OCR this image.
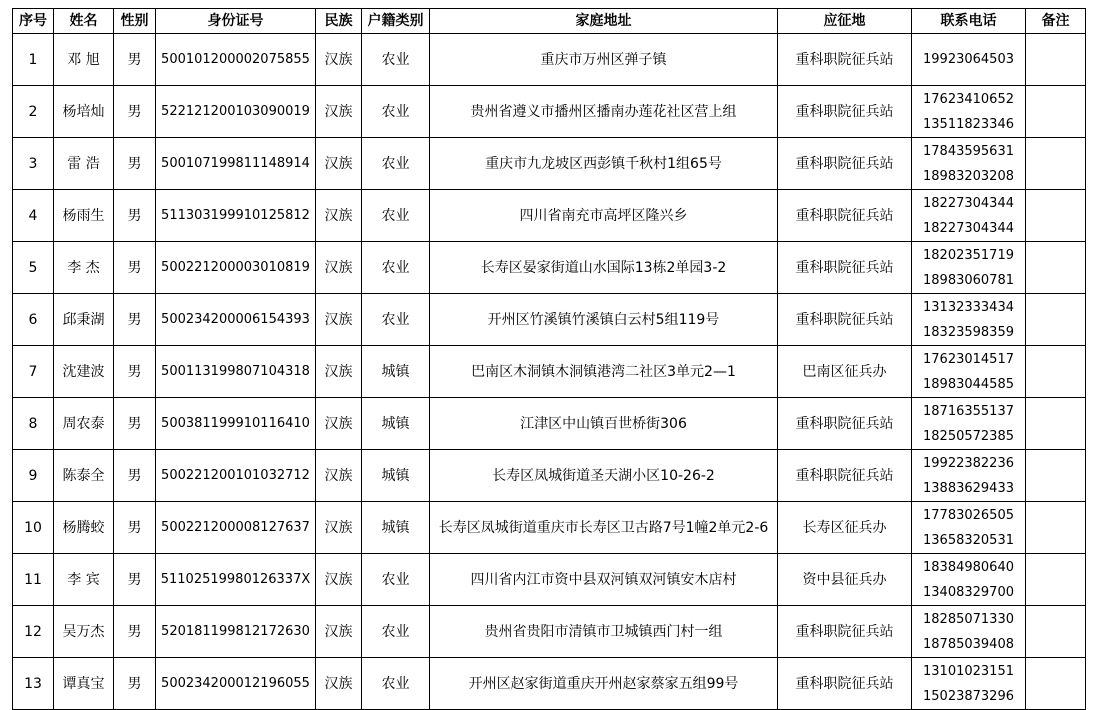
序号	姓名	性别	身份证号	民族	户籍类别	家庭地址	应征地	联系电话	备注
1	邓 旭	男	500101200002075855	汉族	农业	重庆市万州区弹子镇	重科职院征兵站	19923064503	

2	杨培灿	男	522121200103090019	汉族	农业	贵州省遵义市播州区播南办莲花社区营上组	重科职院征兵站	17623410652
13511823346	

3	雷 浩	男	500107199811148914	汉族	农业	重庆市九龙坡区西彭镇千秋村1组65号	重科职院征兵站	17843595631
18983203208	

4	杨雨生	男	511303199910125812	汉族	农业	四川省南充市高坪区隆兴乡	重科职院征兵站	18227304344
18227304344	

5	李 杰	男	500221200003010819	汉族	农业	长寿区晏家街道山水国际13栋2单园3-2	重科职院征兵站	18202351719
18983060781	

6	邱秉湖	男	500234200006154393	汉族	农业	开州区竹溪镇竹溪镇白云村5组119号	重科职院征兵站	13132333434
18323598359	

7	沈建波	男	500113199807104318	汉族	城镇	巴南区木洞镇木洞镇港湾二社区3单元2—1	巴南区征兵办	17623014517
18983044585	

8	周农泰	男	500381199910116410	汉族	城镇	江津区中山镇百世桥街306	重科职院征兵站	18716355137
18250572385	

9	陈泰全	男	500221200101032712	汉族	城镇	长寿区凤城街道圣天湖小区10-26-2	重科职院征兵站	19922382236
13883629433	

10	杨腾蛟	男	500221200008127637	汉族	城镇	长寿区凤城街道重庆市长寿区卫古路7号1幢2单元2-6	长寿区征兵办	17783026505
13658320531	

11	李 宾	男	51102519980126337X	汉族	农业	四川省内江市资中县双河镇双河镇安木店村	资中县征兵办	18384980640
13408329700	

12	吴万杰	男	520181199812172630	汉族	农业	贵州省贵阳市清镇市卫城镇西门村一组	重科职院征兵站	18285071330
18785039408	

13	谭真宝	男	500234200012196055	汉族	农业	开州区赵家街道重庆开州赵家蔡家五组99号	重科职院征兵站	13101023151
15023873296	
